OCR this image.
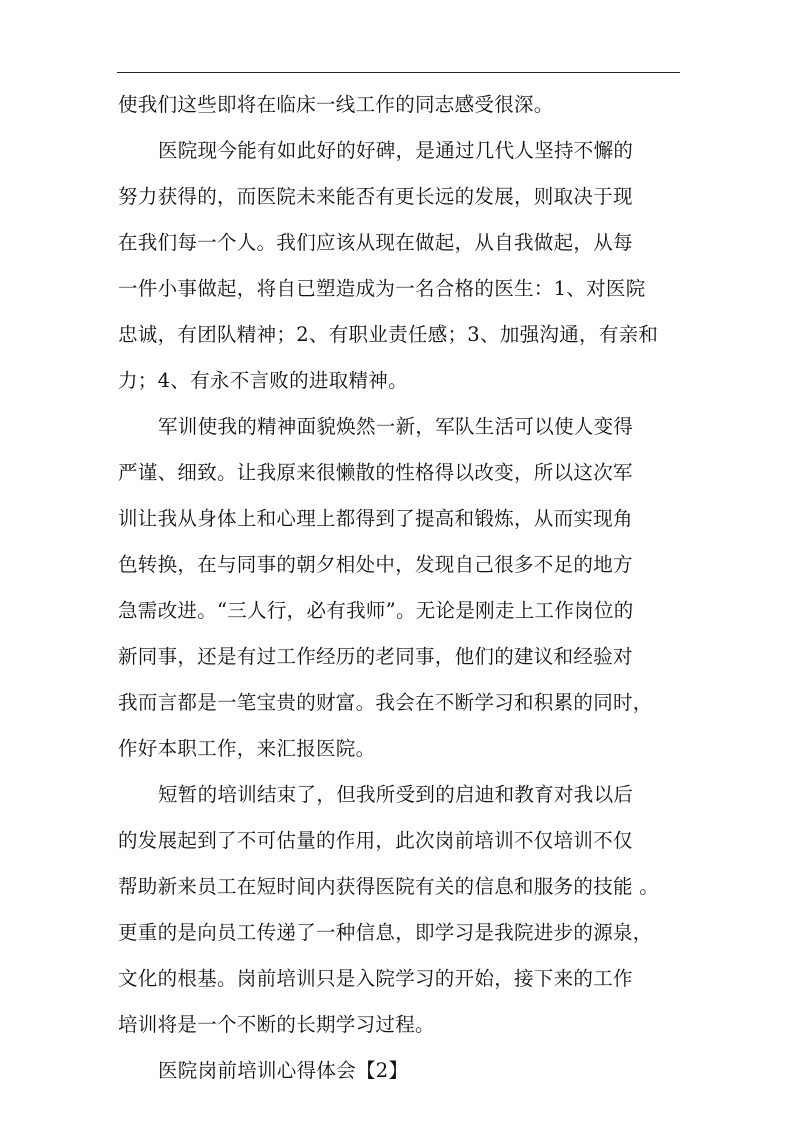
使我们这些即将在临床一线工作的同志感受很深。
医院现今能有如此好的好碑，是通过几代人坚持不懈的
努力获得的，而医院未来能否有更长远的发展，则取决于现
在我们每一个人。我们应该从现在做起，从自我做起，从每
一件小事做起，将自已塑造成为一名合格的医生：1、对医院
忠诚，有团队精神；2、有职业责任感；3、加强沟通，有亲和
力；4、有永不言败的进取精神。
军训使我的精神面貌焕然一新，军队生活可以使人变得
严谨、细致。让我原来很懒散的性格得以改变，所以这次军
训让我从身体上和心理上都得到了提高和锻炼，从而实现角
色转换，在与同事的朝夕相处中，发现自己很多不足的地方
急需改进。“三人行，必有我师”。无论是刚走上工作岗位的
新同事，还是有过工作经历的老同事，他们的建议和经验对
我而言都是一笔宝贵的财富。我会在不断学习和积累的同时，
作好本职工作，来汇报医院。
短暂的培训结束了，但我所受到的启迪和教育对我以后
的发展起到了不可估量的作用，此次岗前培训不仅培训不仅
帮助新来员工在短时间内获得医院有关的信息和服务的技能 。
更重的是向员工传递了一种信息，即学习是我院进步的源泉，
文化的根基。岗前培训只是入院学习的开始，接下来的工作
培训将是一个不断的长期学习过程。
医院岗前培训心得体会【2】
